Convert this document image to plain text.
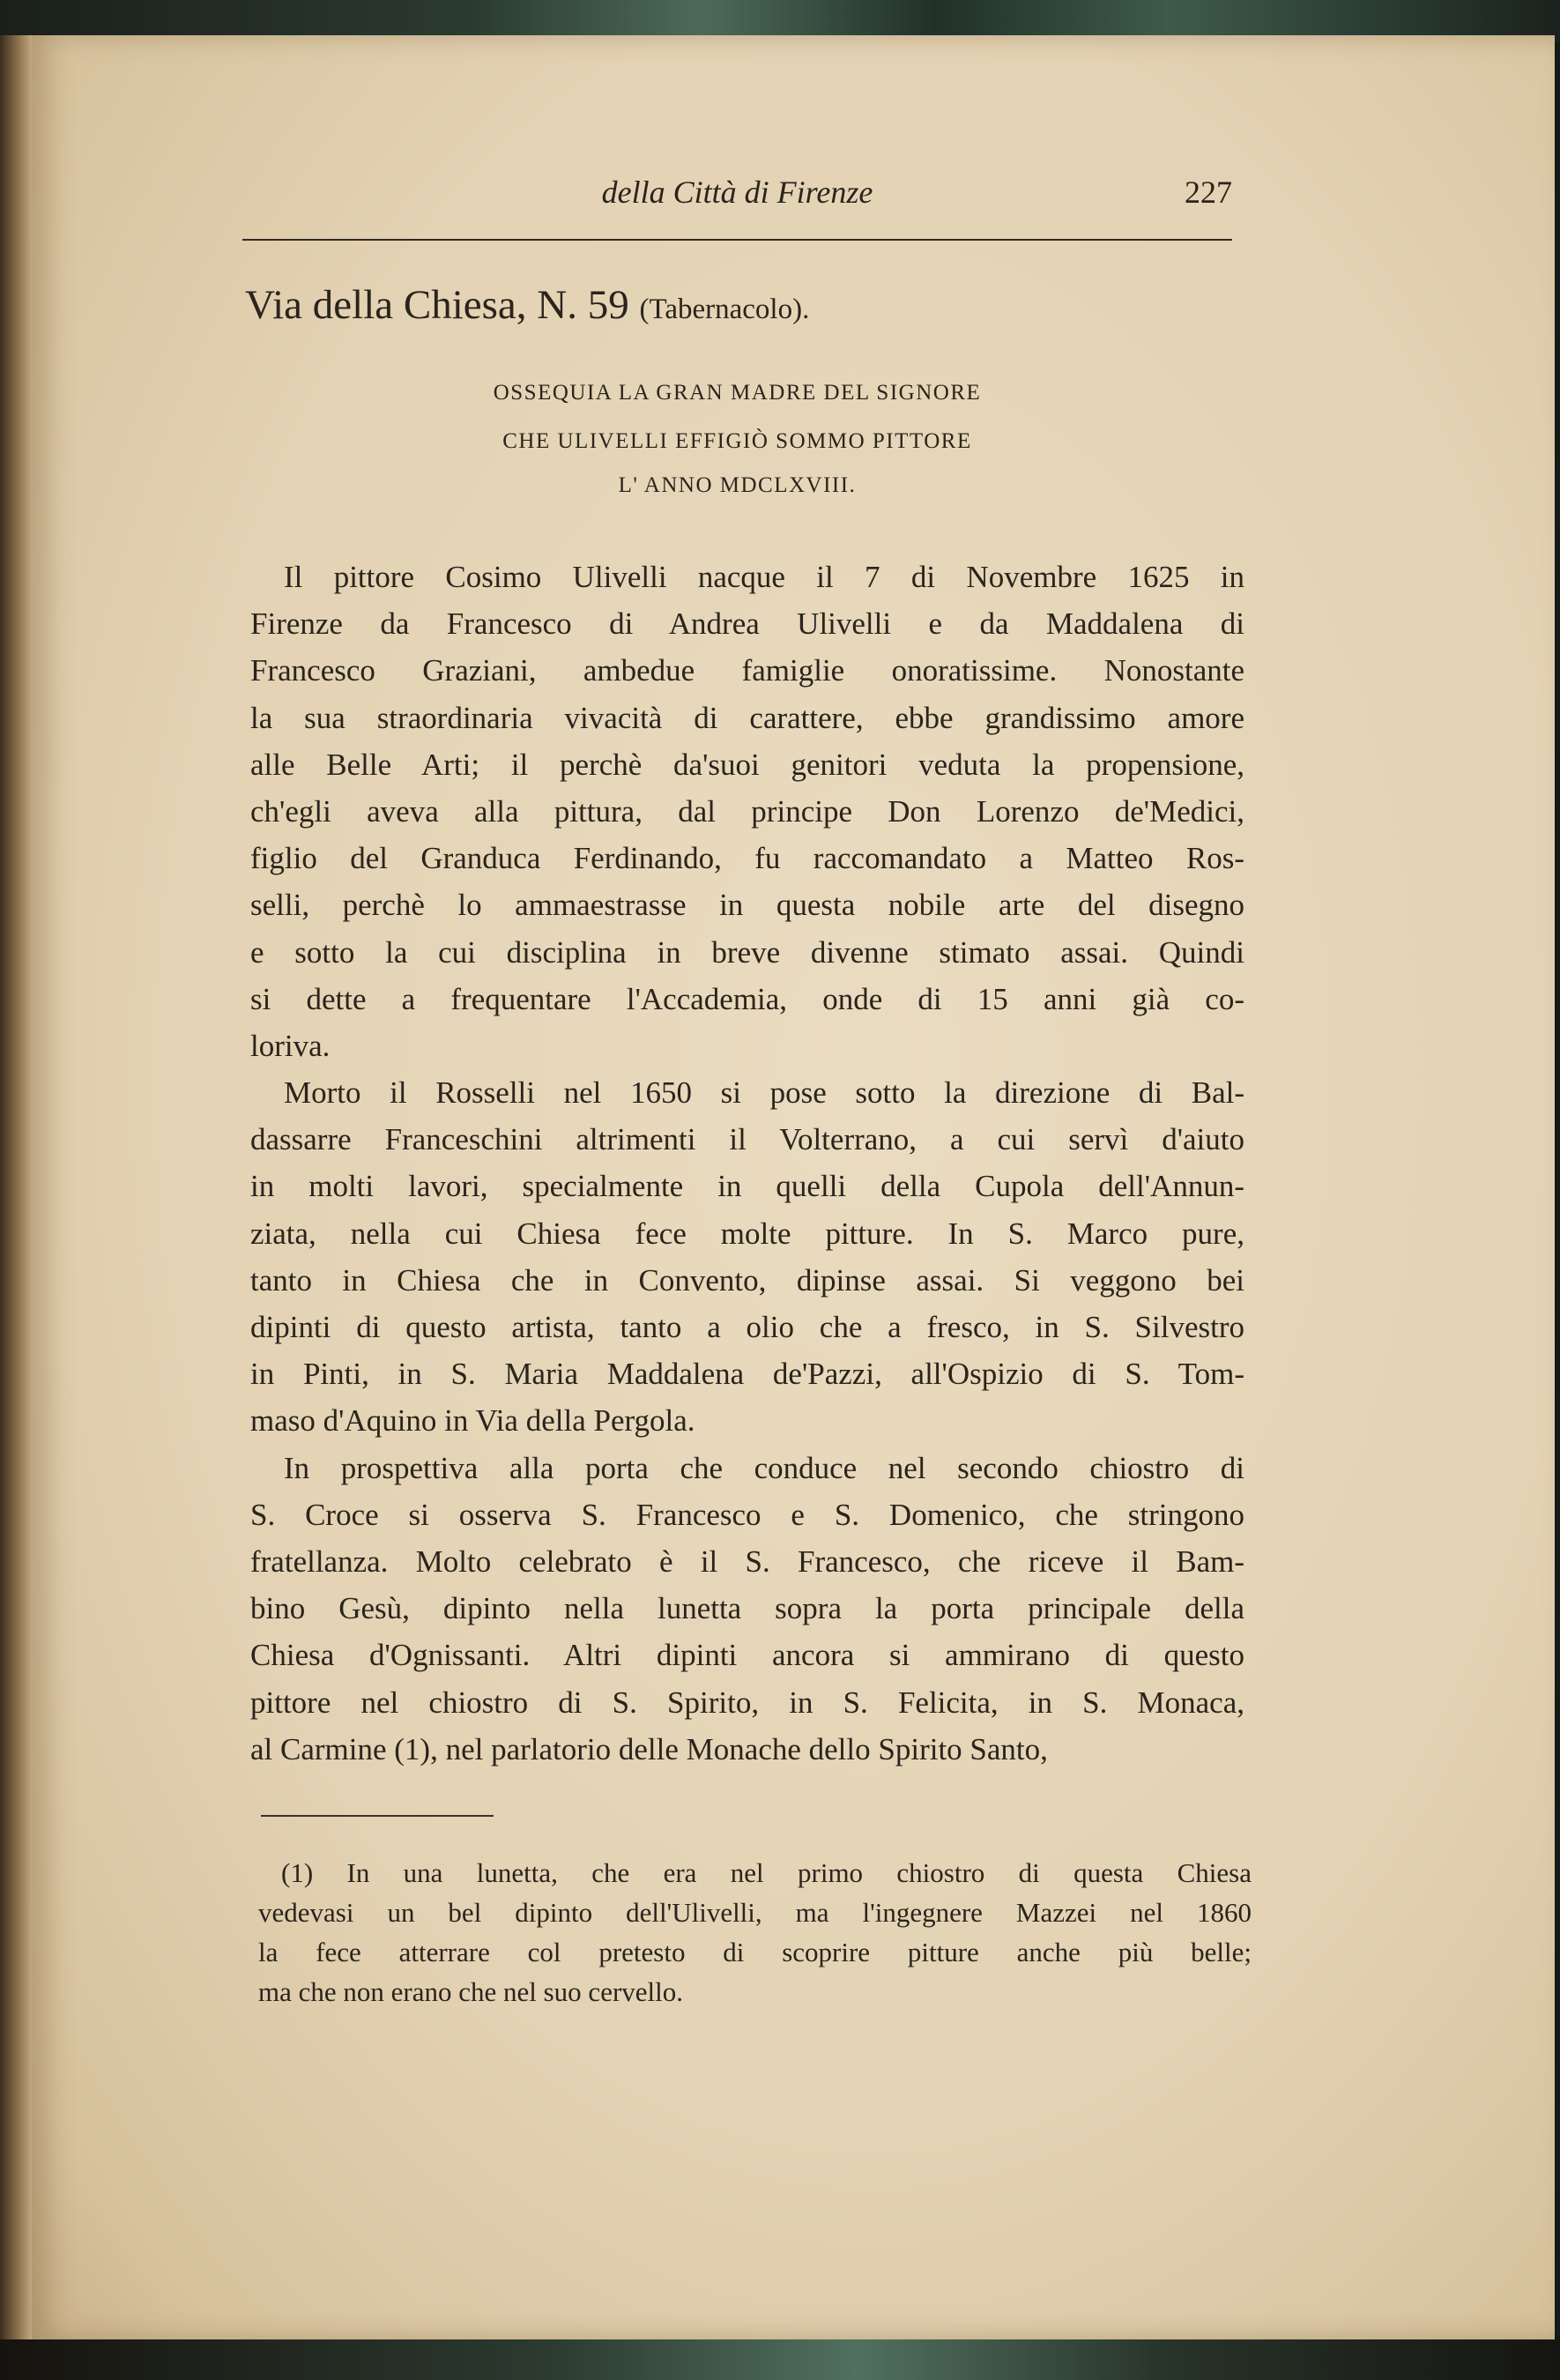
della Città di Firenze	227
Via della Chiesa, N. 59 (Tabernacolo).
OSSEQUIA LA GRAN MADRE DEL SIGNORE
CHE ULIVELLI EFFIGIÒ SOMMO PITTORE
L' ANNO MDCLXVIII.
Il pittore Cosimo Ulivelli nacque il 7 di Novembre 1625 in
Firenze da Francesco di Andrea Ulivelli e da Maddalena di
Francesco Graziani, ambedue famiglie onoratissime. Nonostante
la sua straordinaria vivacità di carattere, ebbe grandissimo amore
alle Belle Arti; il perchè da'suoi genitori veduta la propensione,
ch'egli aveva alla pittura, dal principe Don Lorenzo de'Medici,
figlio del Granduca Ferdinando, fu raccomandato a Matteo Ros-
selli, perchè lo ammaestrasse in questa nobile arte del disegno
e sotto la cui disciplina in breve divenne stimato assai. Quindi
si dette a frequentare l'Accademia, onde di 15 anni già co-
loriva.
Morto il Rosselli nel 1650 si pose sotto la direzione di Bal-
dassarre Franceschini altrimenti il Volterrano, a cui servì d'aiuto
in molti lavori, specialmente in quelli della Cupola dell'Annun-
ziata, nella cui Chiesa fece molte pitture. In S. Marco pure,
tanto in Chiesa che in Convento, dipinse assai. Si veggono bei
dipinti di questo artista, tanto a olio che a fresco, in S. Silvestro
in Pinti, in S. Maria Maddalena de'Pazzi, all'Ospizio di S. Tom-
maso d'Aquino in Via della Pergola.
In prospettiva alla porta che conduce nel secondo chiostro di
S. Croce si osserva S. Francesco e S. Domenico, che stringono
fratellanza. Molto celebrato è il S. Francesco, che riceve il Bam-
bino Gesù, dipinto nella lunetta sopra la porta principale della
Chiesa d'Ognissanti. Altri dipinti ancora si ammirano di questo
pittore nel chiostro di S. Spirito, in S. Felicita, in S. Monaca,
al Carmine (1), nel parlatorio delle Monache dello Spirito Santo,
(1) In una lunetta, che era nel primo chiostro di questa Chiesa
vedevasi un bel dipinto dell'Ulivelli, ma l'ingegnere Mazzei nel 1860
la fece atterrare col pretesto di scoprire pitture anche più belle;
ma che non erano che nel suo cervello.
